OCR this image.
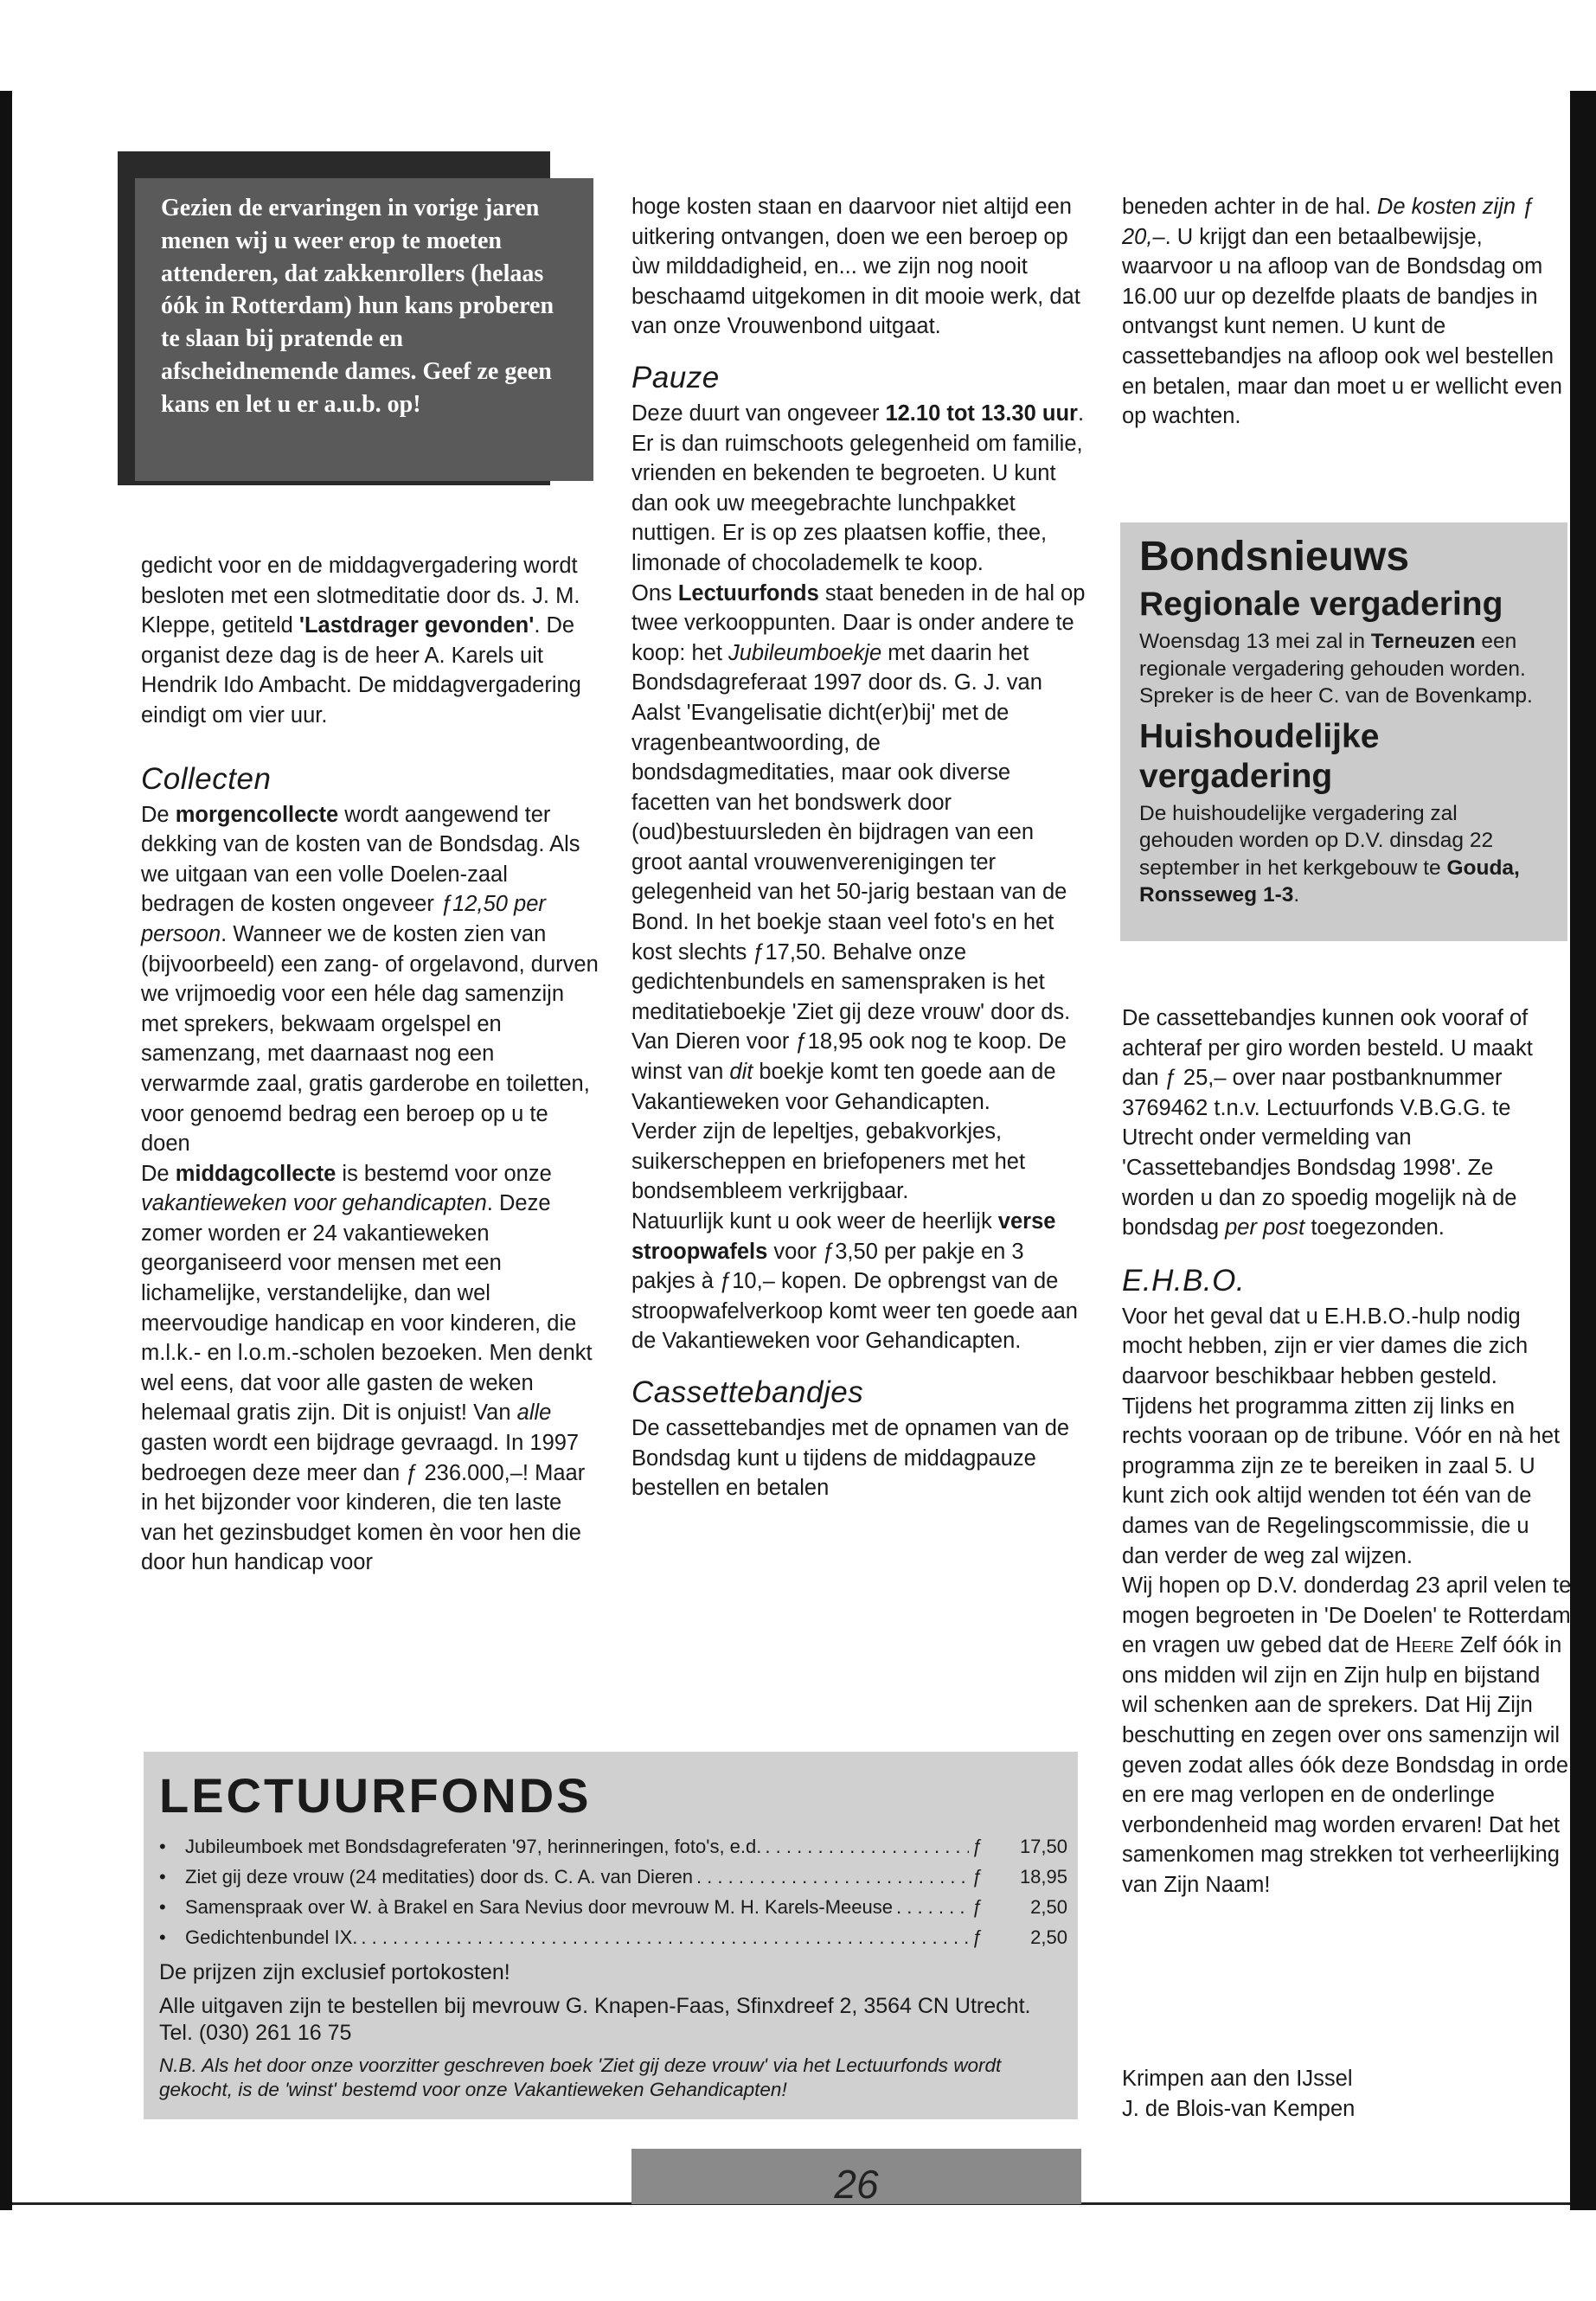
Gezien de ervaringen in vorige jaren menen wij u weer erop te moeten attenderen, dat zakkenrollers (helaas óók in Rotterdam) hun kans proberen te slaan bij pratende en afscheidnemende dames. Geef ze geen kans en let u er a.u.b. op!

gedicht voor en de middagvergadering wordt besloten met een slotmeditatie door ds. J. M. Kleppe, getiteld 'Lastdrager gevonden'. De organist deze dag is de heer A. Karels uit Hendrik Ido Ambacht. De middagvergadering eindigt om vier uur.

Collecten

De morgencollecte wordt aangewend ter dekking van de kosten van de Bondsdag. Als we uitgaan van een volle Doelen-zaal bedragen de kosten ongeveer ƒ12,50 per persoon. Wanneer we de kosten zien van (bijvoorbeeld) een zang- of orgelavond, durven we vrijmoedig voor een héle dag samenzijn met sprekers, bekwaam orgelspel en samenzang, met daarnaast nog een verwarmde zaal, gratis garderobe en toiletten, voor genoemd bedrag een beroep op u te doen

De middagcollecte is bestemd voor onze vakantieweken voor gehandicapten. Deze zomer worden er 24 vakantieweken georganiseerd voor mensen met een lichamelijke, verstandelijke, dan wel meervoudige handicap en voor kinderen, die m.l.k.- en l.o.m.-scholen bezoeken. Men denkt wel eens, dat voor alle gasten de weken helemaal gratis zijn. Dit is onjuist! Van alle gasten wordt een bijdrage gevraagd. In 1997 bedroegen deze meer dan ƒ 236.000,–! Maar in het bijzonder voor kinderen, die ten laste van het gezinsbudget komen èn voor hen die door hun handicap voor

hoge kosten staan en daarvoor niet altijd een uitkering ontvangen, doen we een beroep op ùw milddadigheid, en... we zijn nog nooit beschaamd uitgekomen in dit mooie werk, dat van onze Vrouwenbond uitgaat.

Pauze

Deze duurt van ongeveer 12.10 tot 13.30 uur. Er is dan ruimschoots gelegenheid om familie, vrienden en bekenden te begroeten. U kunt dan ook uw meegebrachte lunchpakket nuttigen. Er is op zes plaatsen koffie, thee, limonade of chocolademelk te koop.

Ons Lectuurfonds staat beneden in de hal op twee verkooppunten. Daar is onder andere te koop: het Jubileumboekje met daarin het Bondsdagreferaat 1997 door ds. G. J. van Aalst 'Evangelisatie dicht(er)bij' met de vragenbeantwoording, de bondsdagmeditaties, maar ook diverse facetten van het bondswerk door (oud)bestuursleden èn bijdragen van een groot aantal vrouwenverenigingen ter gelegenheid van het 50-jarig bestaan van de Bond. In het boekje staan veel foto's en het kost slechts ƒ17,50. Behalve onze gedichtenbundels en samenspraken is het meditatieboekje 'Ziet gij deze vrouw' door ds. Van Dieren voor ƒ18,95 ook nog te koop. De winst van dit boekje komt ten goede aan de Vakantieweken voor Gehandicapten.

Verder zijn de lepeltjes, gebakvorkjes, suikerscheppen en briefopeners met het bondsembleem verkrijgbaar.

Natuurlijk kunt u ook weer de heerlijk verse stroopwafels voor ƒ3,50 per pakje en 3 pakjes à ƒ10,– kopen. De opbrengst van de stroopwafelverkoop komt weer ten goede aan de Vakantieweken voor Gehandicapten.

Cassettebandjes

De cassettebandjes met de opnamen van de Bondsdag kunt u tijdens de middagpauze bestellen en betalen

beneden achter in de hal. De kosten zijn ƒ 20,–. U krijgt dan een betaalbewijsje, waarvoor u na afloop van de Bondsdag om 16.00 uur op dezelfde plaats de bandjes in ontvangst kunt nemen. U kunt de cassettebandjes na afloop ook wel bestellen en betalen, maar dan moet u er wellicht even op wachten.

Bondsnieuws
Regionale vergadering

Woensdag 13 mei zal in Terneuzen een regionale vergadering gehouden worden. Spreker is de heer C. van de Bovenkamp.

Huishoudelijke vergadering

De huishoudelijke vergadering zal gehouden worden op D.V. dinsdag 22 september in het kerkgebouw te Gouda, Ronsseweg 1-3.

De cassettebandjes kunnen ook vooraf of achteraf per giro worden besteld. U maakt dan ƒ 25,– over naar postbanknummer 3769462 t.n.v. Lectuurfonds V.B.G.G. te Utrecht onder vermelding van 'Cassettebandjes Bondsdag 1998'. Ze worden u dan zo spoedig mogelijk nà de bondsdag per post toegezonden.

E.H.B.O.

Voor het geval dat u E.H.B.O.-hulp nodig mocht hebben, zijn er vier dames die zich daarvoor beschikbaar hebben gesteld. Tijdens het programma zitten zij links en rechts vooraan op de tribune. Vóór en nà het programma zijn ze te bereiken in zaal 5. U kunt zich ook altijd wenden tot één van de dames van de Regelingscommissie, die u dan verder de weg zal wijzen.

Wij hopen op D.V. donderdag 23 april velen te mogen begroeten in 'De Doelen' te Rotterdam en vragen uw gebed dat de Heere Zelf óók in ons midden wil zijn en Zijn hulp en bijstand wil schenken aan de sprekers. Dat Hij Zijn beschutting en zegen over ons samenzijn wil geven zodat alles óók deze Bondsdag in orde en ere mag verlopen en de onderlinge verbondenheid mag worden ervaren! Dat het samenkomen mag strekken tot verheerlijking van Zijn Naam!

LECTUURFONDS
•	Jubileumboek met Bondsdagreferaten '97, herinneringen, foto's, e.d. . . .	ƒ 17,50
•	Ziet gij deze vrouw (24 meditaties) door ds. C. A. van Dieren . . .	ƒ 18,95
•	Samenspraak over W. à Brakel en Sara Nevius door mevrouw M. H. Karels-Meeuse . . .	ƒ 2,50
•	Gedichtenbundel IX. . . .	ƒ 2,50

De prijzen zijn exclusief portokosten!

Alle uitgaven zijn te bestellen bij mevrouw G. Knapen-Faas, Sfinxdreef 2, 3564 CN Utrecht. Tel. (030) 261 16 75

N.B. Als het door onze voorzitter geschreven boek 'Ziet gij deze vrouw' via het Lectuurfonds wordt gekocht, is de 'winst' bestemd voor onze Vakantieweken Gehandicapten!	Krimpen aan den IJssel

J. de Blois-van Kempen

26
